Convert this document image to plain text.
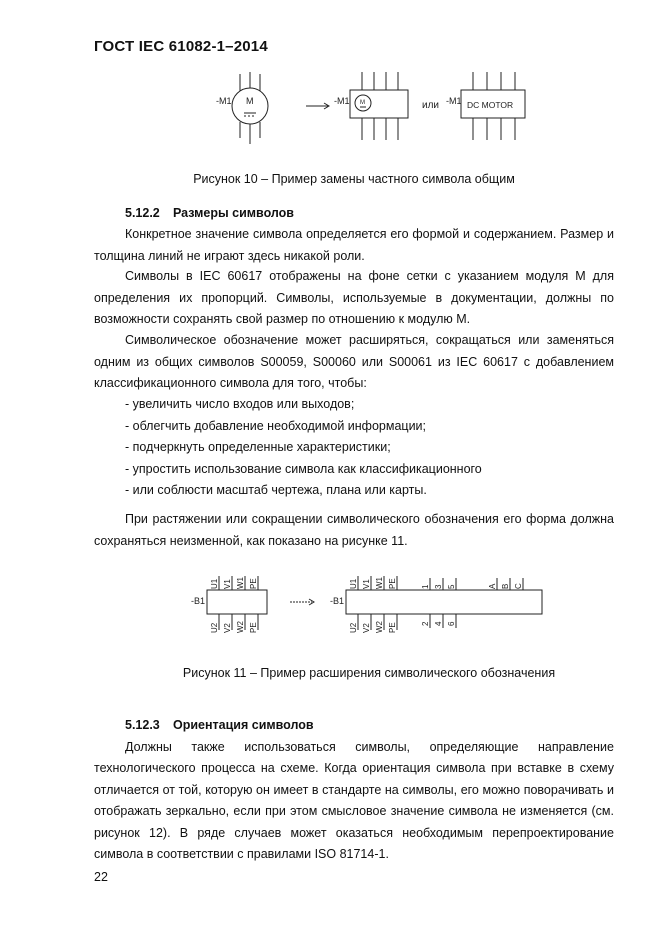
ГОСТ IEC 61082-1–2014
-M1 M	-M1 M	или -M1 DC MOTOR
Рисунок 10 – Пример замены частного символа общим
5.12.2 Размеры символов
Конкретное значение символа определяется его формой и содержанием. Размер и толщина линий не играют здесь никакой роли.
Символы в IEC 60617 отображены на фоне сетки с указанием модуля М для определения их пропорций. Символы, используемые в документации, должны по возможности сохранять свой размер по отношению к модулю М.
Символическое обозначение может расширяться, сокращаться или заменяться одним из общих символов S00059, S00060 или S00061 из IEC 60617 с добавлением классификационного символа для того, чтобы:
- увеличить число входов или выходов;
- облегчить добавление необходимой информации;
- подчеркнуть определенные характеристики;
- упростить использование символа как классификационного
- или соблюсти масштаб чертежа, плана или карты.
При растяжении или сокращении символического обозначения его форма должна сохраняться неизменной, как показано на рисунке 11.
-B1	-B1
U1 V1 W1 PE
U2 V2 W2 PE
U1 V1 W1 PE	1 3 5	A B C
U2 V2 W2 PE	2 4 6
Рисунок 11 – Пример расширения символического обозначения
5.12.3 Ориентация символов
Должны также использоваться символы, определяющие направление
технологического процесса на схеме. Когда ориентация символа при вставке в схему отличается от той, которую он имеет в стандарте на символы, его можно поворачивать и отображать зеркально, если при этом смысловое значение символа не изменяется (см. рисунок 12). В ряде случаев может оказаться необходимым перепроектирование символа в соответствии с правилами ISO 81714-1.
22
